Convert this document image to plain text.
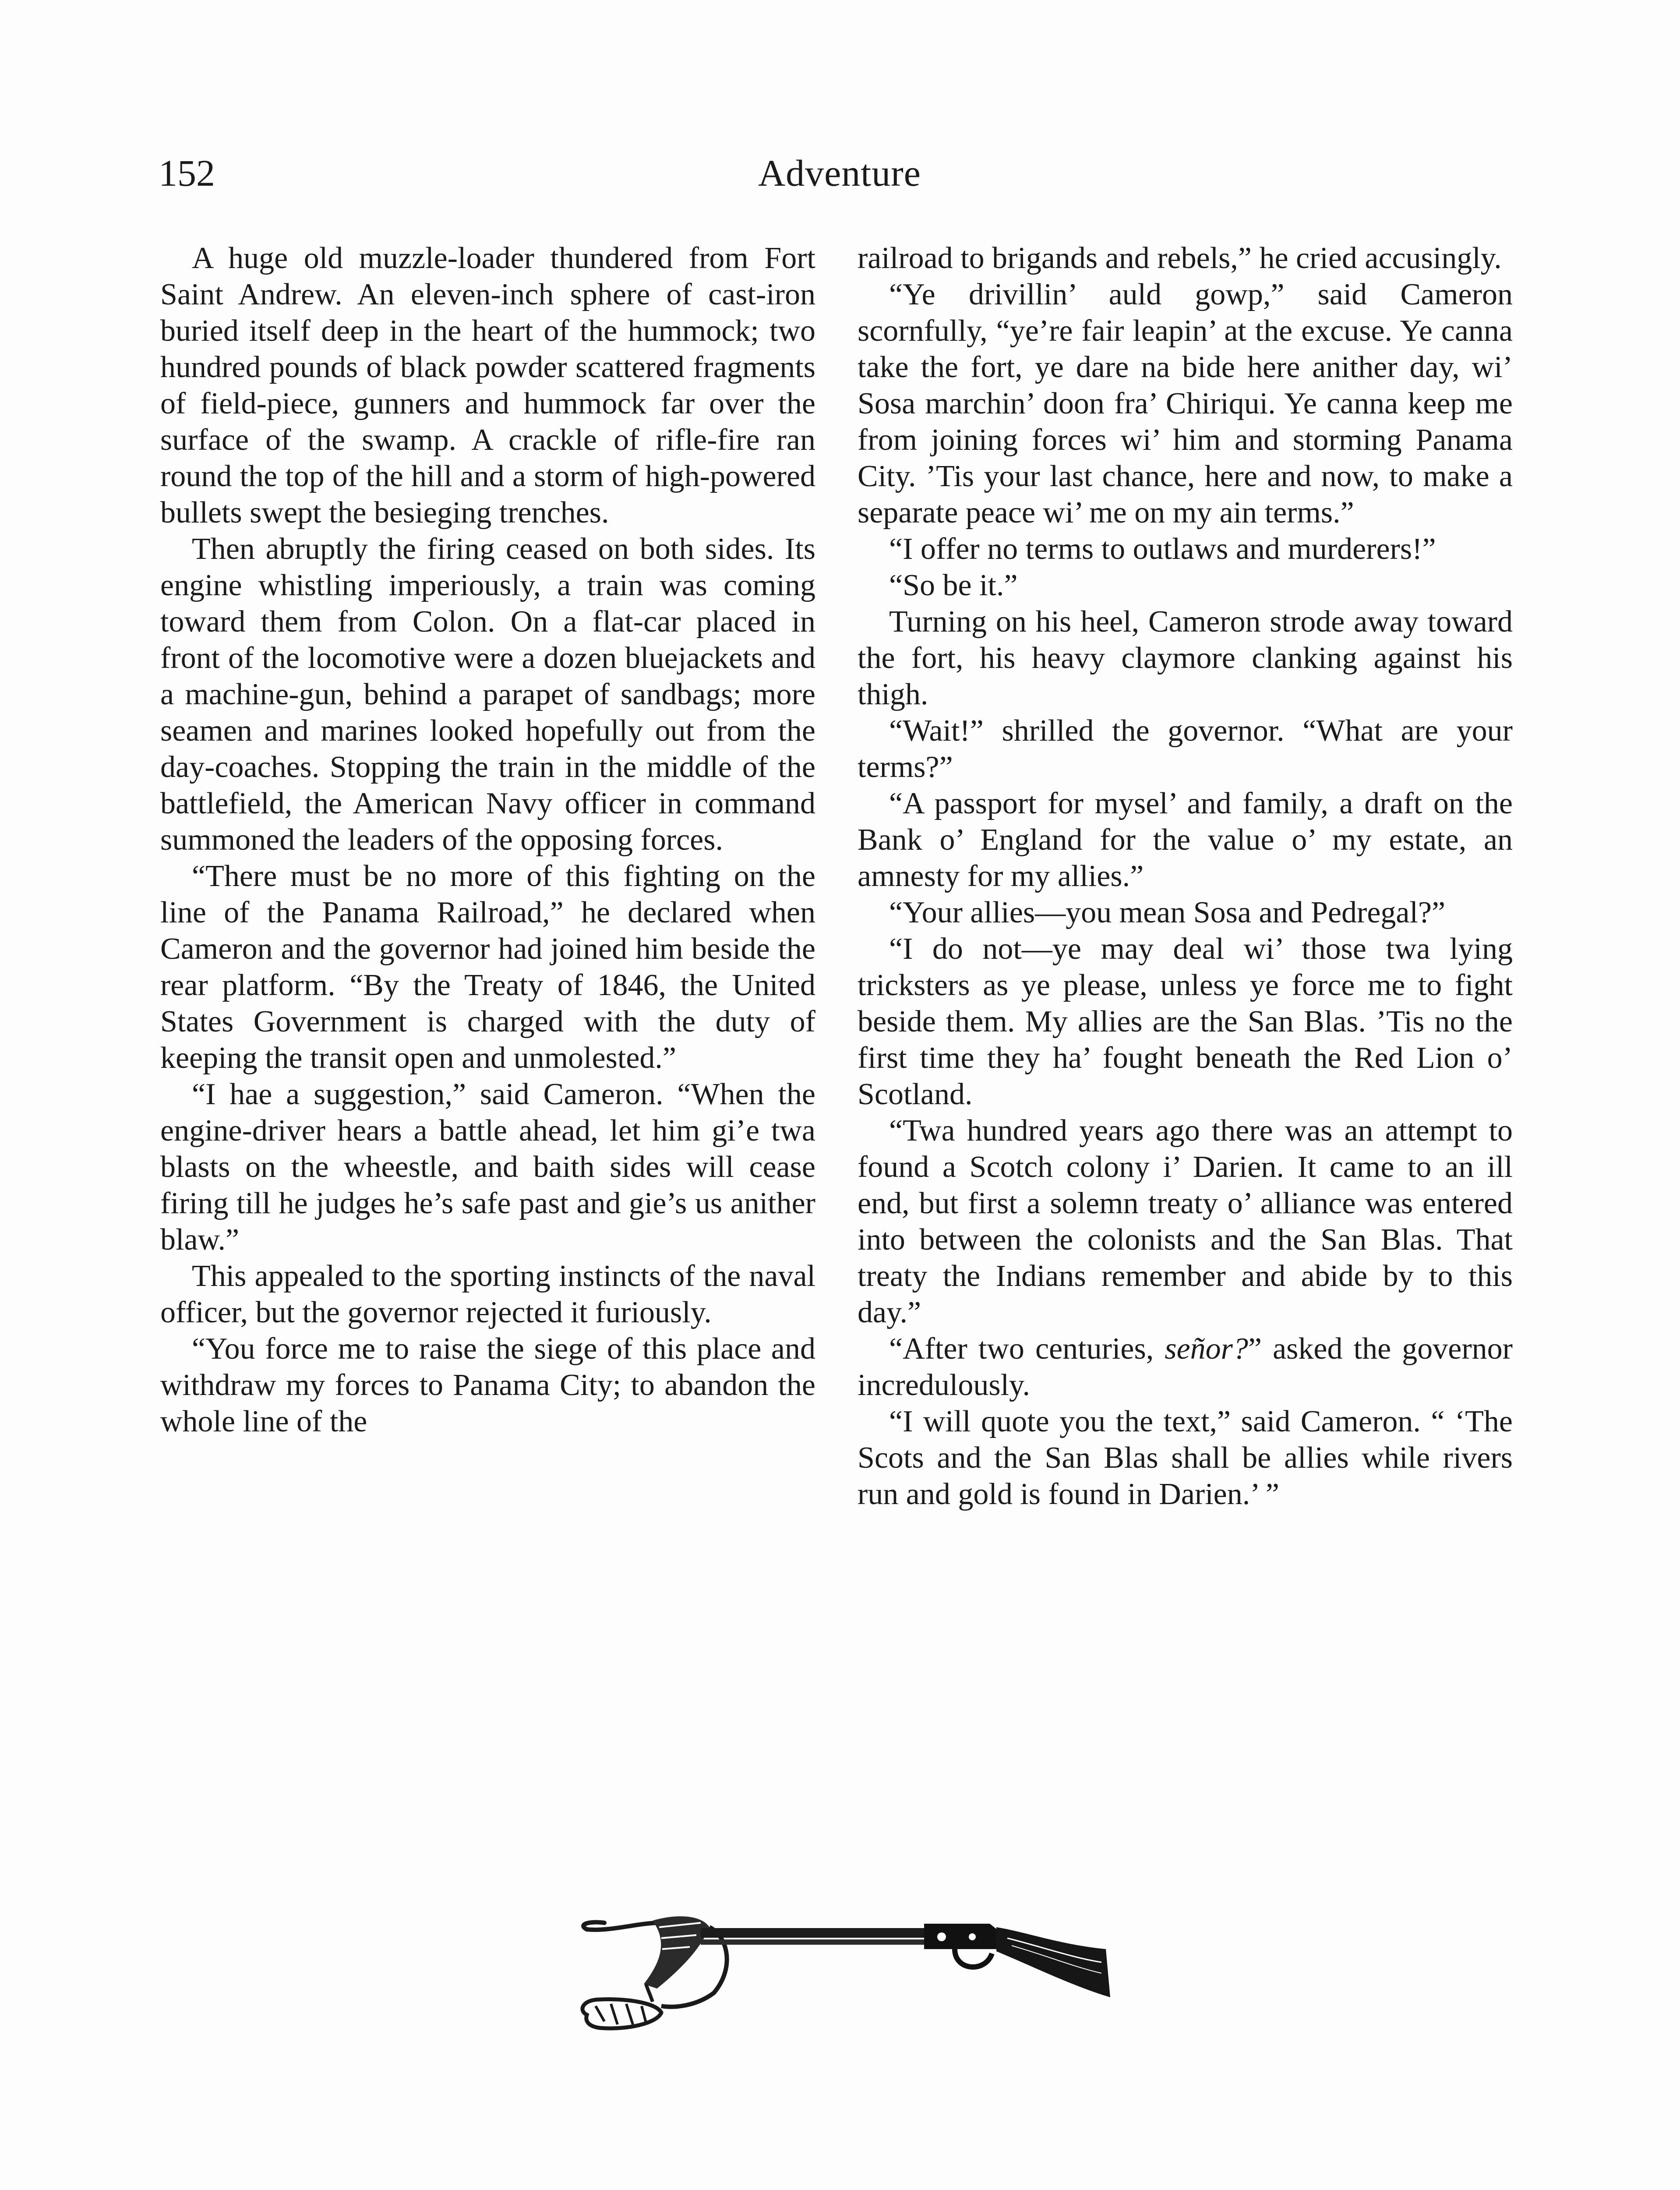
152	Adventure

A huge old muzzle-loader thundered from Fort Saint Andrew. An eleven-inch sphere of cast-iron buried itself deep in the heart of the hummock; two hundred pounds of black powder scattered fragments of field-piece, gunners and hummock far over the surface of the swamp. A crackle of rifle-fire ran round the top of the hill and a storm of high-powered bullets swept the besieging trenches.

Then abruptly the firing ceased on both sides. Its engine whistling imperiously, a train was coming toward them from Colon. On a flat-car placed in front of the locomotive were a dozen bluejackets and a machine-gun, behind a parapet of sandbags; more seamen and marines looked hopefully out from the day-coaches. Stopping the train in the middle of the battlefield, the American Navy officer in command summoned the leaders of the opposing forces.

“There must be no more of this fighting on the line of the Panama Railroad,” he declared when Cameron and the governor had joined him beside the rear platform. “By the Treaty of 1846, the United States Government is charged with the duty of keeping the transit open and unmolested.”

“I hae a suggestion,” said Cameron. “When the engine-driver hears a battle ahead, let him gi’e twa blasts on the wheestle, and baith sides will cease firing till he judges he’s safe past and gie’s us anither blaw.”

This appealed to the sporting instincts of the naval officer, but the governor rejected it furiously.

“You force me to raise the siege of this place and withdraw my forces to Panama City; to abandon the whole line of the

railroad to brigands and rebels,” he cried accusingly.

“Ye drivillin’ auld gowp,” said Cameron scornfully, “ye’re fair leapin’ at the excuse. Ye canna take the fort, ye dare na bide here anither day, wi’ Sosa marchin’ doon fra’ Chiriqui. Ye canna keep me from joining forces wi’ him and storming Panama City. ’Tis your last chance, here and now, to make a separate peace wi’ me on my ain terms.”

“I offer no terms to outlaws and murderers!”

“So be it.”

Turning on his heel, Cameron strode away toward the fort, his heavy claymore clanking against his thigh.

“Wait!” shrilled the governor. “What are your terms?”

“A passport for mysel’ and family, a draft on the Bank o’ England for the value o’ my estate, an amnesty for my allies.”

“Your allies—you mean Sosa and Pedregal?”

“I do not—ye may deal wi’ those twa lying tricksters as ye please, unless ye force me to fight beside them. My allies are the San Blas. ’Tis no the first time they ha’ fought beneath the Red Lion o’ Scotland.

“Twa hundred years ago there was an attempt to found a Scotch colony i’ Darien. It came to an ill end, but first a solemn treaty o’ alliance was entered into between the colonists and the San Blas. That treaty the Indians remember and abide by to this day.”

“After two centuries, señor?” asked the governor incredulously.

“I will quote you the text,” said Cameron. “ ‘The Scots and the San Blas shall be allies while rivers run and gold is found in Darien.’ ”
